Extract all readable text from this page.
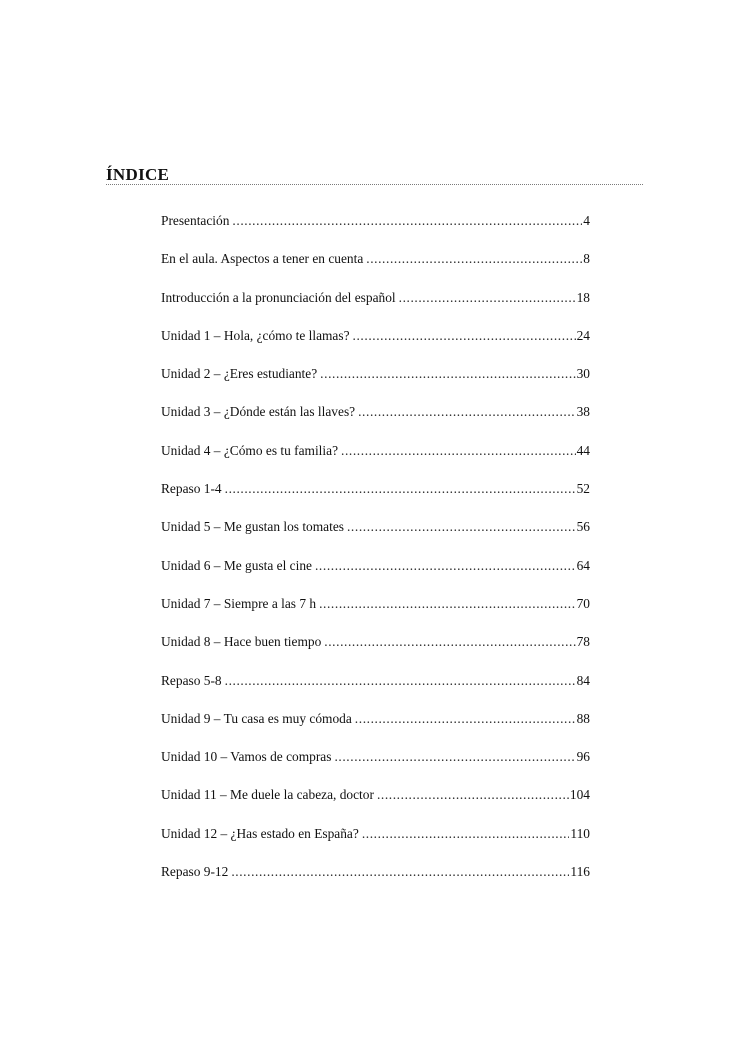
ÍNDICE
Presentación .....	4
En el aula. Aspectos a tener en cuenta .....	8
Introducción a la pronunciación del español .....	18
Unidad 1 – Hola, ¿cómo te llamas? .....	24
Unidad 2 – ¿Eres estudiante? .....	30
Unidad 3 – ¿Dónde están las llaves? .....	38
Unidad 4 – ¿Cómo es tu familia? .....	44
Repaso 1-4 .....	52
Unidad 5 – Me gustan los tomates .....	56
Unidad 6 – Me gusta el cine .....	64
Unidad 7 – Siempre a las 7 h .....	70
Unidad 8 – Hace buen tiempo .....	78
Repaso 5-8 .....	84
Unidad 9 – Tu casa es muy cómoda .....	88
Unidad 10 – Vamos de compras .....	96
Unidad 11 – Me duele la cabeza, doctor .....	104
Unidad 12 – ¿Has estado en España? .....	110
Repaso 9-12 .....	116
